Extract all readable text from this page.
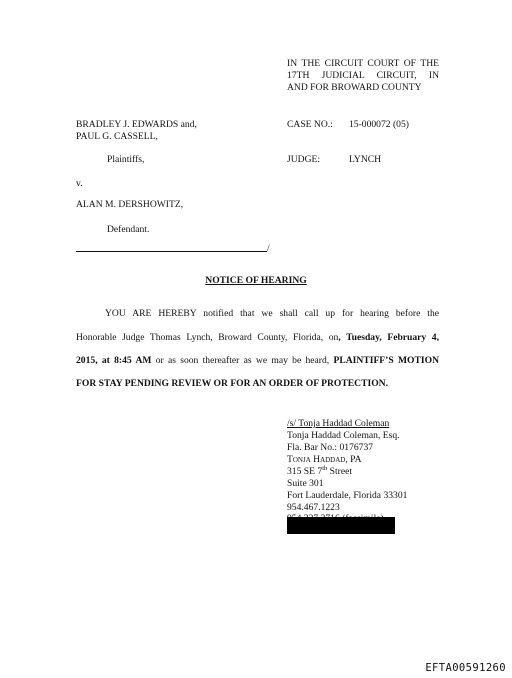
IN THE CIRCUIT COURT OF THE
17TH JUDICIAL CIRCUIT, IN
AND FOR BROWARD COUNTY
BRADLEY J. EDWARDS and,
PAUL G. CASSELL,
CASE NO.: 15-000072 (05)
Plaintiffs,	JUDGE:	LYNCH
v.
ALAN M. DERSHOWITZ,
Defendant.
/
NOTICE OF HEARING
YOU ARE HEREBY notified that we shall call up for hearing before the
Honorable Judge Thomas Lynch, Broward County, Florida, on, Tuesday, February 4,
2015, at 8:45 AM or as soon thereafter as we may be heard, PLAINTIFF’S MOTION
FOR STAY PENDING REVIEW OR FOR AN ORDER OF PROTECTION.
/s/ Tonja Haddad Coleman
Tonja Haddad Coleman, Esq.
Fla. Bar No.: 0176737
Tonja Haddad, PA
315 SE 7th Street
Suite 301
Fort Lauderdale, Florida 33301
954.467.1223
EFTA00591260
